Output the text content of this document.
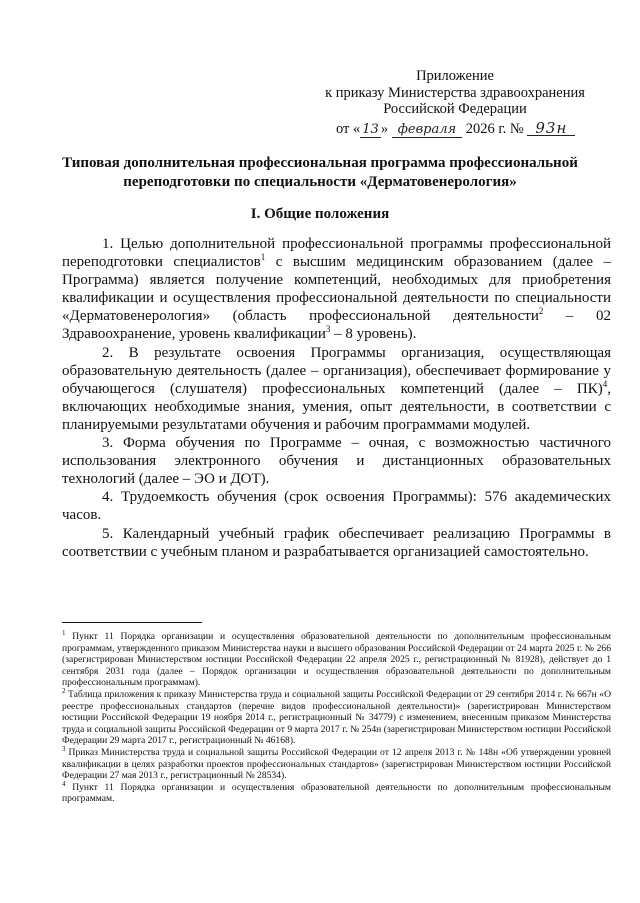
Приложение
к приказу Министерства здравоохранения
Российской Федерации
от « 13 » февраля 2026 г. № 93н
Типовая дополнительная профессиональная программа профессиональной переподготовки по специальности «Дерматовенерология»
I. Общие положения

1. Целью дополнительной профессиональной программы профессиональной переподготовки специалистов$^1$ с высшим медицинским образованием (далее – Программа) является получение компетенций, необходимых для приобретения квалификации и осуществления профессиональной деятельности по специальности «Дерматовенерология» (область профессиональной деятельности$^2$ – 02 Здравоохранение, уровень квалификации$^3$ – 8 уровень).

2. В результате освоения Программы организация, осуществляющая образовательную деятельность (далее – организация), обеспечивает формирование у обучающегося (слушателя) профессиональных компетенций (далее – ПК)$^4$, включающих необходимые знания, умения, опыт деятельности, в соответствии с планируемыми результатами обучения и рабочим программами модулей.

3. Форма обучения по Программе – очная, с возможностью частичного использования электронного обучения и дистанционных образовательных технологий (далее – ЭО и ДОТ).

4. Трудоемкость обучения (срок освоения Программы): 576 академических часов.

5. Календарный учебный график обеспечивает реализацию Программы в соответствии с учебным планом и разрабатывается организацией самостоятельно.

$^1$ Пункт 11 Порядка организации и осуществления образовательной деятельности по дополнительным профессиональным программам, утвержденного приказом Министерства науки и высшего образования Российской Федерации от 24 марта 2025 г. № 266 (зарегистрирован Министерством юстиции Российской Федерации 22 апреля 2025 г., регистрационный № 81928), действует до 1 сентября 2031 года (далее – Порядок организации и осуществления образовательной деятельности по дополнительным профессиональным программам).

$^2$ Таблица приложения к приказу Министерства труда и социальной защиты Российской Федерации от 29 сентября 2014 г. № 667н «О реестре профессиональных стандартов (перечне видов профессиональной деятельности)» (зарегистрирован Министерством юстиции Российской Федерации 19 ноября 2014 г., регистрационный № 34779) с изменением, внесенным приказом Министерства труда и социальной защиты Российской Федерации от 9 марта 2017 г. № 254н (зарегистрирован Министерством юстиции Российской Федерации 29 марта 2017 г., регистрационный № 46168).

$^3$ Приказ Министерства труда и социальной защиты Российской Федерации от 12 апреля 2013 г. № 148н «Об утверждении уровней квалификации в целях разработки проектов профессиональных стандартов» (зарегистрирован Министерством юстиции Российской Федерации 27 мая 2013 г., регистрационный № 28534).

$^4$ Пункт 11 Порядка организации и осуществления образовательной деятельности по дополнительным профессиональным программам.
